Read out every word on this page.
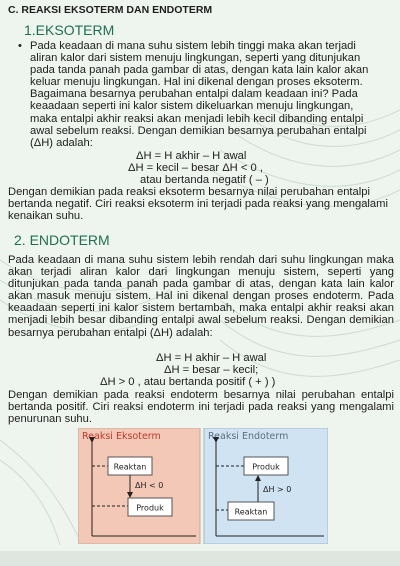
C. REAKSI EKSOTERM DAN ENDOTERM
1.EKSOTERM
• Pada keadaan di mana suhu sistem lebih tinggi maka akan terjadi aliran kalor dari sistem menuju lingkungan, seperti yang ditunjukan pada tanda panah pada gambar di atas, dengan kata lain kalor akan keluar menuju lingkungan. Hal ini dikenal dengan proses eksoterm. Bagaimana besarnya perubahan entalpi dalam keadaan ini? Pada keaadaan seperti ini kalor sistem dikeluarkan menuju lingkungan, maka entalpi akhir reaksi akan menjadi lebih kecil dibanding entalpi awal sebelum reaksi. Dengan demikian besarnya perubahan entalpi (ΔH) adalah:
ΔH = H akhir – H awal
ΔH = kecil – besar ΔH < 0 ,
atau bertanda negatif ( – )
Dengan demikian pada reaksi eksoterm besarnya nilai perubahan entalpi bertanda negatif. Ciri reaksi eksoterm ini terjadi pada reaksi yang mengalami kenaikan suhu.
2. ENDOTERM
Pada keadaan di mana suhu sistem lebih rendah dari suhu lingkungan maka akan terjadi aliran kalor dari lingkungan menuju sistem, seperti yang ditunjukan pada tanda panah pada gambar di atas, dengan kata lain kalor akan masuk menuju sistem. Hal ini dikenal dengan proses endoterm. Pada keaadaan seperti ini kalor sistem bertambah, maka entalpi akhir reaksi akan menjadi lebih besar dibanding entalpi awal sebelum reaksi. Dengan demikian besarnya perubahan entalpi (ΔH) adalah:
ΔH = H akhir – H awal
ΔH = besar – kecil;
ΔH > 0 , atau bertanda positif ( + ) )
Dengan demikian pada reaksi endoterm besarnya nilai perubahan entalpi bertanda positif. Ciri reaksi endoterm ini terjadi pada reaksi yang mengalami penurunan suhu.
Reaksi Eksoterm
Reaktan
ΔH < 0
Produk
Reaksi Endoterm
Produk
ΔH > 0
Reaktan
